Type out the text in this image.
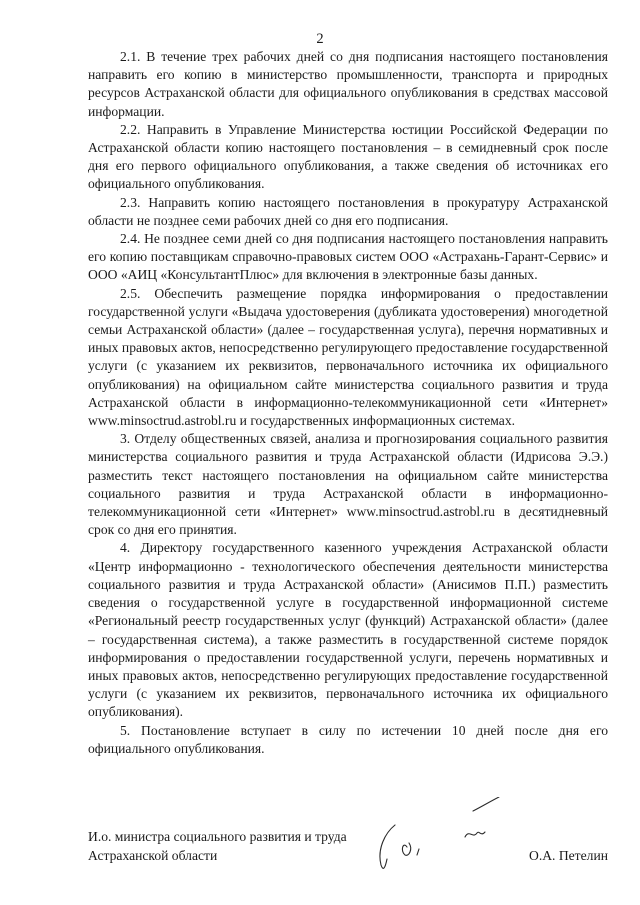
2

2.1. В течение трех рабочих дней со дня подписания настоящего постановления направить его копию в министерство промышленности, транспорта и природных ресурсов Астраханской области для официального опубликования в средствах массовой информации.

2.2. Направить в Управление Министерства юстиции Российской Федерации по Астраханской области копию настоящего постановления – в семидневный срок после дня его первого официального опубликования, а также сведения об источниках его официального опубликования.

2.3. Направить копию настоящего постановления в прокуратуру Астраханской области не позднее семи рабочих дней со дня его подписания.

2.4. Не позднее семи дней со дня подписания настоящего постановления направить его копию поставщикам справочно-правовых систем ООО «Астрахань-Гарант-Сервис» и ООО «АИЦ «КонсультантПлюс» для включения в электронные базы данных.

2.5. Обеспечить размещение порядка информирования о предоставлении государственной услуги «Выдача удостоверения (дубликата удостоверения) многодетной семьи Астраханской области» (далее – государственная услуга), перечня нормативных и иных правовых актов, непосредственно регулирующего предоставление государственной услуги (с указанием их реквизитов, первоначального источника их официального опубликования) на официальном сайте министерства социального развития и труда Астраханской области в информационно-телекоммуникационной сети «Интернет» www.minsoctrud.astrobl.ru и государственных информационных системах.

3. Отделу общественных связей, анализа и прогнозирования социального развития министерства социального развития и труда Астраханской области (Идрисова Э.Э.) разместить текст настоящего постановления на официальном сайте министерства социального развития и труда Астраханской области в информационно-телекоммуникационной сети «Интернет» www.minsoctrud.astrobl.ru в десятидневный срок со дня его принятия.

4. Директору государственного казенного учреждения Астраханской области «Центр информационно - технологического обеспечения деятельности министерства социального развития и труда Астраханской области» (Анисимов П.П.) разместить сведения о государственной услуге в государственной информационной системе «Региональный реестр государственных услуг (функций) Астраханской области» (далее – государственная система), а также разместить в государственной системе порядок информирования о предоставлении государственной услуги, перечень нормативных и иных правовых актов, непосредственно регулирующих предоставление государственной услуги (с указанием их реквизитов, первоначального источника их официального опубликования).

5. Постановление вступает в силу по истечении 10 дней после дня его официального опубликования.

И.о. министра социального развития и труда
Астраханской области	О.А. Петелин
